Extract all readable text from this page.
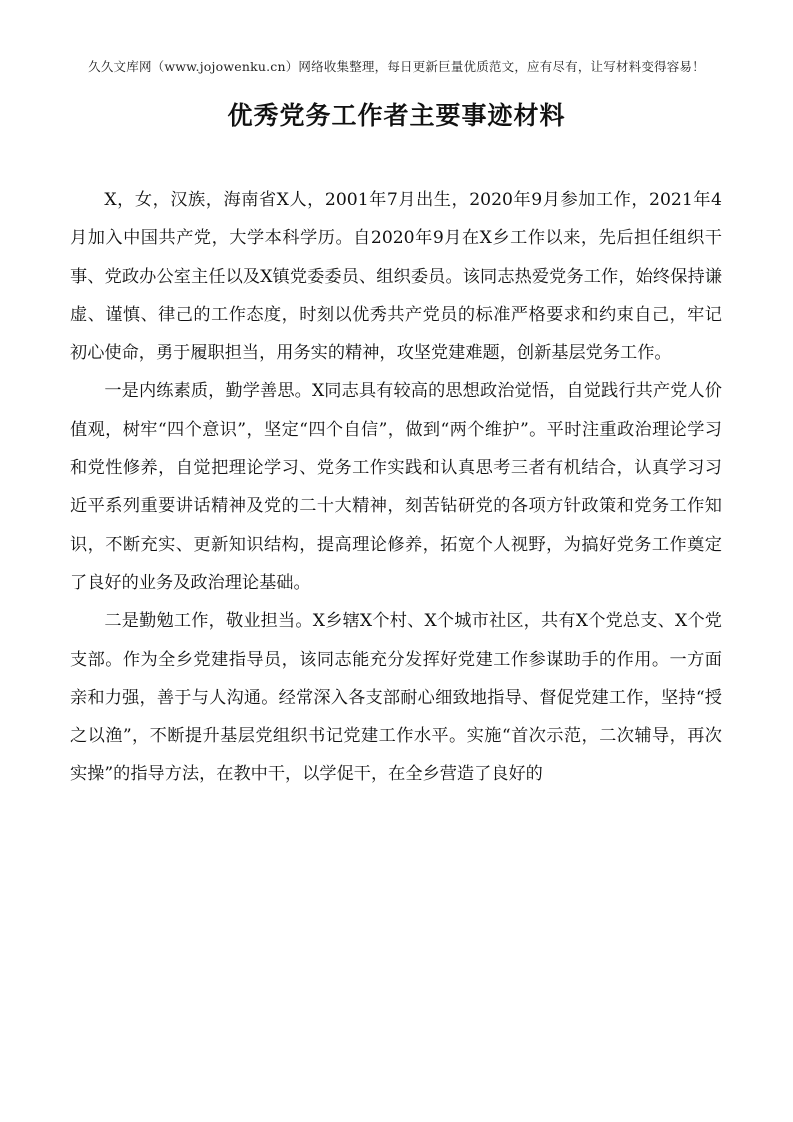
久久文库网（www.jojowenku.cn）网络收集整理，每日更新巨量优质范文，应有尽有，让写材料变得容易！
优秀党务工作者主要事迹材料

X，女，汉族，海南省X人，2001年7月出生，2020年9月参加工作，2021年4月加入中国共产党，大学本科学历。自2020年9月在X乡工作以来，先后担任组织干事、党政办公室主任以及X镇党委委员、组织委员。该同志热爱党务工作，始终保持谦虚、谨慎、律己的工作态度，时刻以优秀共产党员的标准严格要求和约束自己，牢记初心使命，勇于履职担当，用务实的精神，攻坚党建难题，创新基层党务工作。

一是内练素质，勤学善思。X同志具有较高的思想政治觉悟，自觉践行共产党人价值观，树牢“四个意识”，坚定“四个自信”，做到“两个维护”。平时注重政治理论学习和党性修养，自觉把理论学习、党务工作实践和认真思考三者有机结合，认真学习习近平系列重要讲话精神及党的二十大精神，刻苦钻研党的各项方针政策和党务工作知识，不断充实、更新知识结构，提高理论修养，拓宽个人视野，为搞好党务工作奠定了良好的业务及政治理论基础。

二是勤勉工作，敬业担当。X乡辖X个村、X个城市社区，共有X个党总支、X个党支部。作为全乡党建指导员，该同志能充分发挥好党建工作参谋助手的作用。一方面亲和力强，善于与人沟通。经常深入各支部耐心细致地指导、督促党建工作，坚持“授之以渔”，不断提升基层党组织书记党建工作水平。实施“首次示范，二次辅导，再次实操”的指导方法，在教中干，以学促干，在全乡营造了良好的
